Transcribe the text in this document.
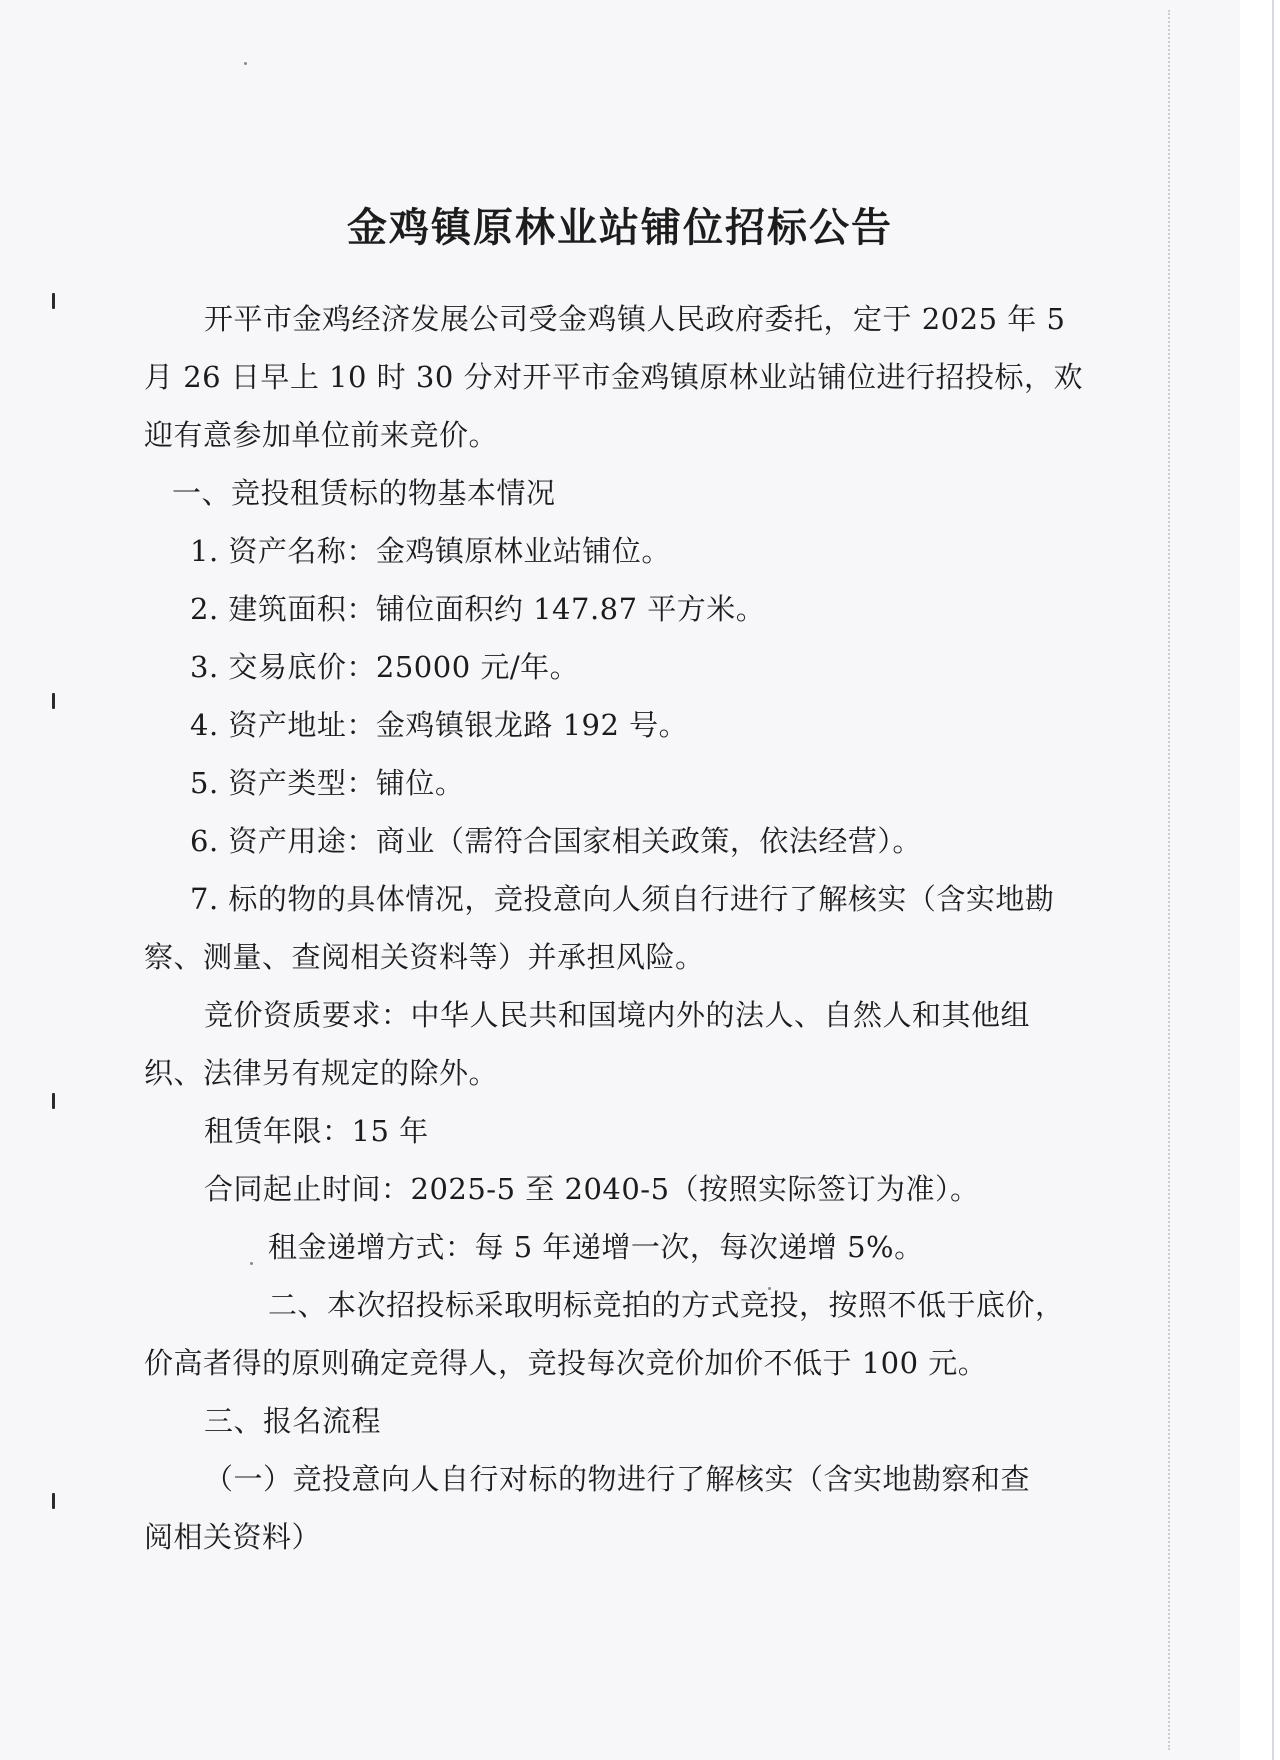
金鸡镇原林业站铺位招标公告

开平市金鸡经济发展公司受金鸡镇人民政府委托，定于 2025 年 5

月 26 日早上 10 时 30 分对开平市金鸡镇原林业站铺位进行招投标，欢

迎有意参加单位前来竞价。

一、竞投租赁标的物基本情况

1. 资产名称：金鸡镇原林业站铺位。

2. 建筑面积：铺位面积约 147.87 平方米。

3. 交易底价：25000 元/年。

4. 资产地址：金鸡镇银龙路 192 号。

5. 资产类型：铺位。

6. 资产用途：商业（需符合国家相关政策，依法经营）。

7. 标的物的具体情况，竞投意向人须自行进行了解核实（含实地勘

察、测量、查阅相关资料等）并承担风险。

竞价资质要求：中华人民共和国境内外的法人、自然人和其他组

织、法律另有规定的除外。

租赁年限：15 年

合同起止时间：2025-5 至 2040-5（按照实际签订为准）。

租金递增方式：每 5 年递增一次，每次递增 5%。

二、本次招投标采取明标竞拍的方式竞投，按照不低于底价，

价高者得的原则确定竞得人，竞投每次竞价加价不低于 100 元。

三、报名流程

（一）竞投意向人自行对标的物进行了解核实（含实地勘察和查

阅相关资料）
